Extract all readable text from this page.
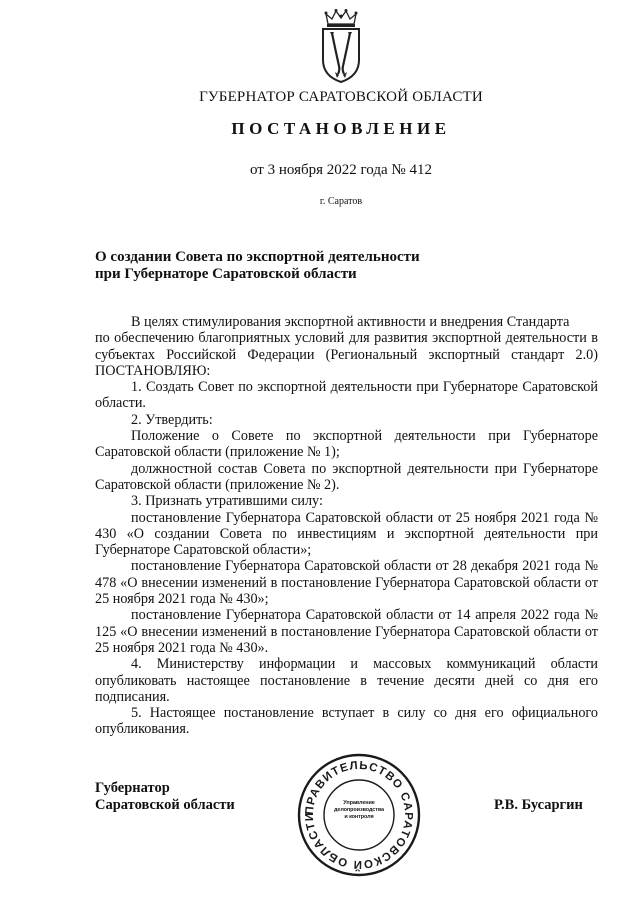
ГУБЕРНАТОР САРАТОВСКОЙ ОБЛАСТИ
ПОСТАНОВЛЕНИЕ
от 3 ноября 2022 года № 412
г. Саратов
О создании Совета по экспортной деятельности
при Губернаторе Саратовской области

В целях стимулирования экспортной активности и внедрения Стандарта

по обеспечению благоприятных условий для развития экспортной деятельности в субъектах Российской Федерации (Региональный экспортный стандарт 2.0) ПОСТАНОВЛЯЮ:

1. Создать Совет по экспортной деятельности при Губернаторе Саратовской области.

2. Утвердить:

Положение о Совете по экспортной деятельности при Губернаторе Саратовской области (приложение № 1);

должностной состав Совета по экспортной деятельности при Губернаторе Саратовской области (приложение № 2).

3. Признать утратившими силу:

постановление Губернатора Саратовской области от 25 ноября 2021 года № 430 «О создании Совета по инвестициям и экспортной деятельности при Губернаторе Саратовской области»;

постановление Губернатора Саратовской области от 28 декабря 2021 года № 478 «О внесении изменений в постановление Губернатора Саратовской области от 25 ноября 2021 года № 430»;

постановление Губернатора Саратовской области от 14 апреля 2022 года № 125 «О внесении изменений в постановление Губернатора Саратовской области от 25 ноября 2021 года № 430».

4. Министерству информации и массовых коммуникаций области опубликовать настоящее постановление в течение десяти дней со дня его подписания.

5. Настоящее постановление вступает в силу со дня его официального опубликования.

Губернатор
Саратовской области	Р.В. Бусаргин
ПРАВИТЕЛЬСТВО САРАТОВСКОЙ ОБЛАСТИ
Управление
делопроизводства
и контроля
